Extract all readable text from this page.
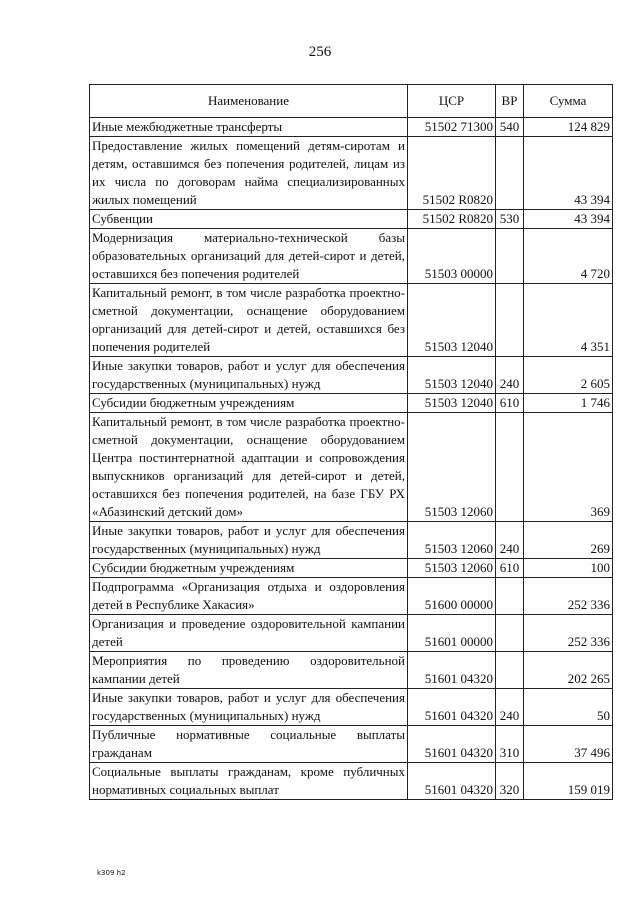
256
Наименование	ЦСР	ВР	Сумма
Иные межбюджетные трансферты	51502 71300	540	124 829
Предоставление жилых помещений детям-сиротам и детям, оставшимся без попечения родителей, лицам из их числа по договорам найма специализированных жилых помещений	51502 R0820		43 394
Субвенции	51502 R0820	530	43 394
Модернизация материально-технической базы образовательных организаций для детей-сирот и детей, оставшихся без попечения родителей	51503 00000		4 720
Капитальный ремонт, в том числе разработка проектно-сметной документации, оснащение оборудованием организаций для детей-сирот и детей, оставшихся без попечения родителей	51503 12040		4 351
Иные закупки товаров, работ и услуг для обеспечения государственных (муниципальных) нужд	51503 12040	240	2 605
Субсидии бюджетным учреждениям	51503 12040	610	1 746
Капитальный ремонт, в том числе разработка проектно-сметной документации, оснащение оборудованием Центра постинтернатной адаптации и сопровождения выпускников организаций для детей-сирот и детей, оставшихся без попечения родителей, на базе ГБУ РХ «Абазинский детский дом»	51503 12060		369
Иные закупки товаров, работ и услуг для обеспечения государственных (муниципальных) нужд	51503 12060	240	269
Субсидии бюджетным учреждениям	51503 12060	610	100
Подпрограмма «Организация отдыха и оздоровления детей в Республике Хакасия»	51600 00000		252 336
Организация и проведение оздоровительной кампании детей	51601 00000		252 336
Мероприятия по проведению оздоровительной кампании детей	51601 04320		202 265
Иные закупки товаров, работ и услуг для обеспечения государственных (муниципальных) нужд	51601 04320	240	50
Публичные нормативные социальные выплаты гражданам	51601 04320	310	37 496
Социальные выплаты гражданам, кроме публичных нормативных социальных выплат	51601 04320	320	159 019
k309 h2
